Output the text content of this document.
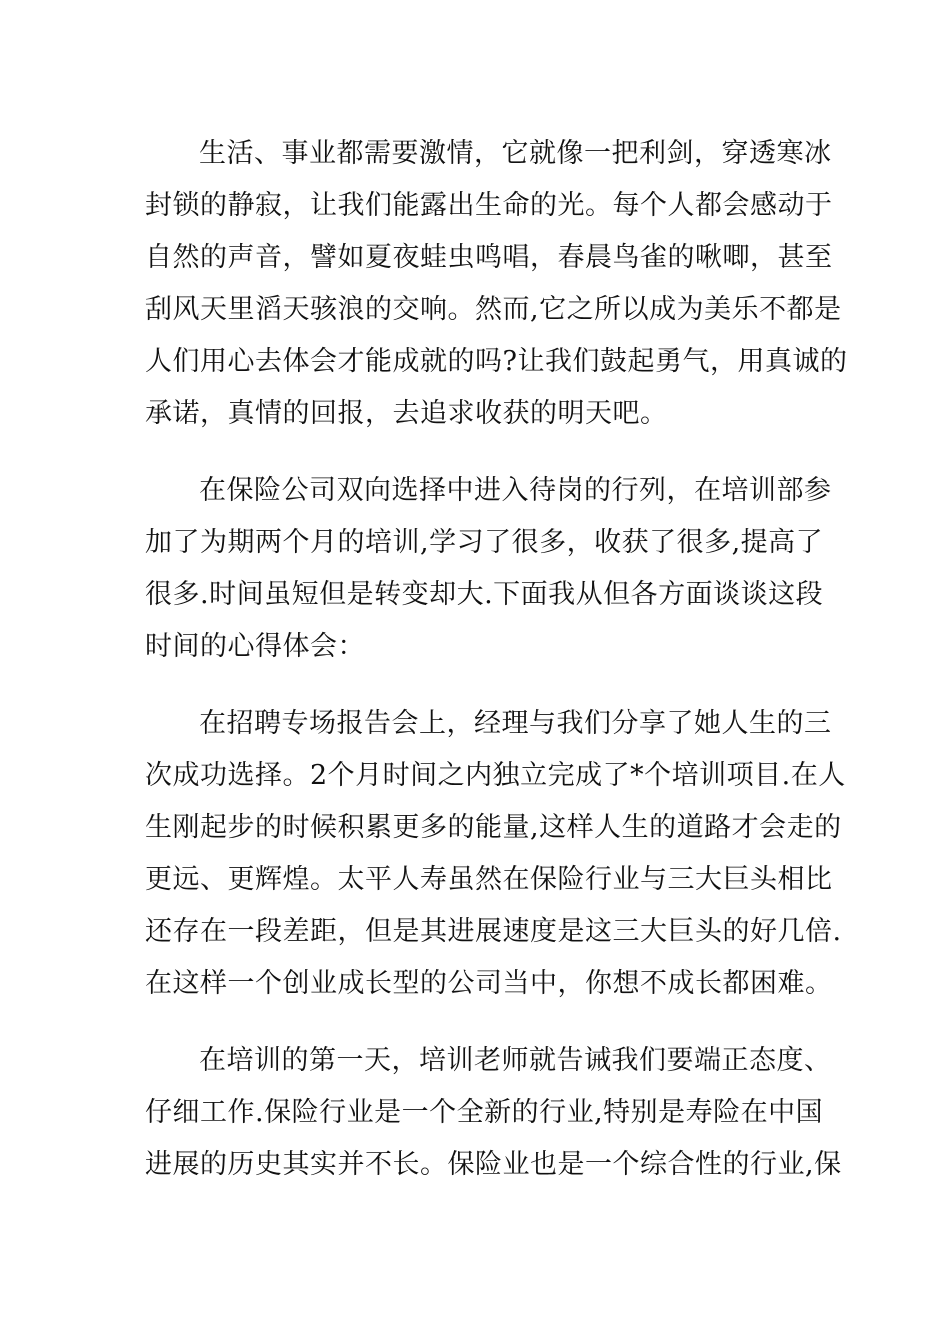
生活、事业都需要激情，它就像一把利剑，穿透寒冰
封锁的静寂，让我们能露出生命的光。每个人都会感动于
自然的声音，譬如夏夜蛙虫鸣唱，春晨鸟雀的啾唧，甚至
刮风天里滔天骇浪的交响。然而,它之所以成为美乐不都是
人们用心去体会才能成就的吗?让我们鼓起勇气，用真诚的
承诺，真情的回报，去追求收获的明天吧。
在保险公司双向选择中进入待岗的行列，在培训部参
加了为期两个月的培训,学习了很多，收获了很多,提高了
很多.时间虽短但是转变却大.下面我从但各方面谈谈这段
时间的心得体会：
在招聘专场报告会上，经理与我们分享了她人生的三
次成功选择。2个月时间之内独立完成了*个培训项目.在人
生刚起步的时候积累更多的能量,这样人生的道路才会走的
更远、更辉煌。太平人寿虽然在保险行业与三大巨头相比
还存在一段差距，但是其进展速度是这三大巨头的好几倍.
在这样一个创业成长型的公司当中，你想不成长都困难。
在培训的第一天，培训老师就告诫我们要端正态度、
仔细工作.保险行业是一个全新的行业,特别是寿险在中国
进展的历史其实并不长。保险业也是一个综合性的行业,保
